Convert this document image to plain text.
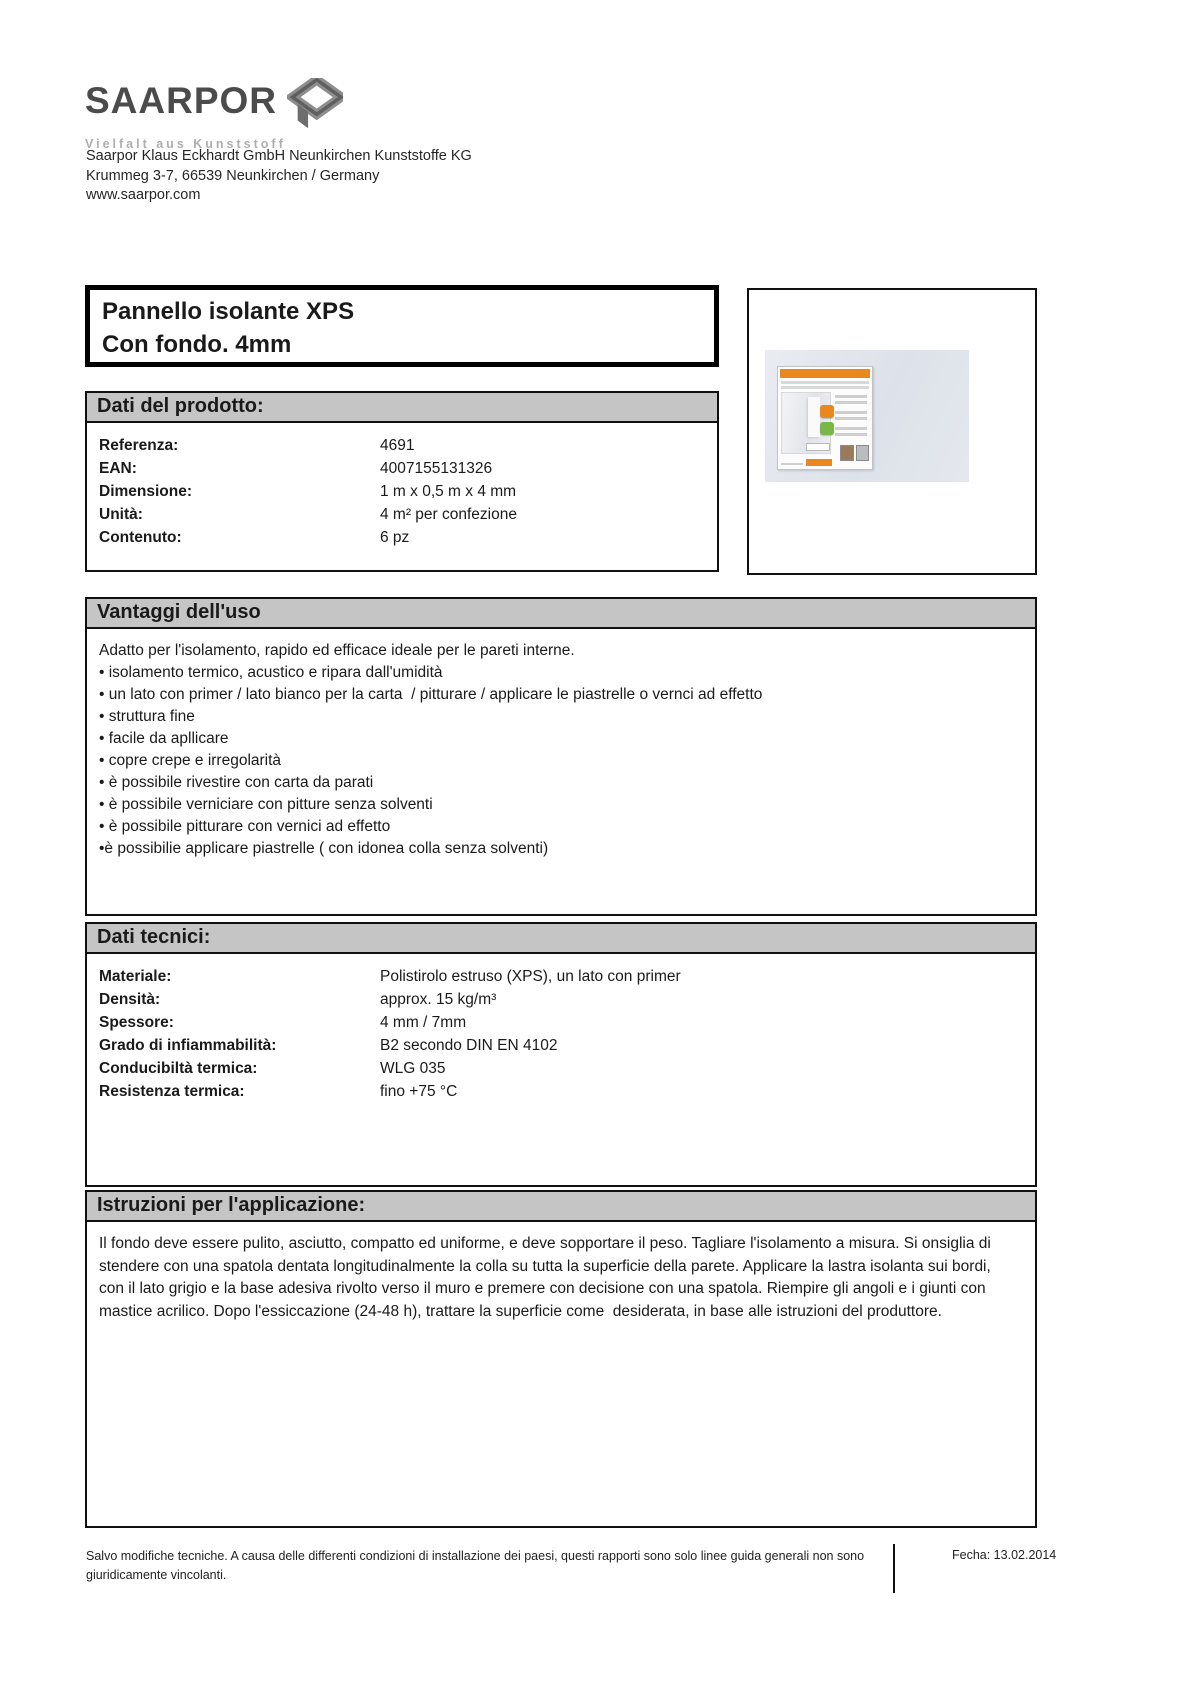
SAARPOR
Vielfalt aus Kunststoff
Saarpor Klaus Eckhardt GmbH Neunkirchen Kunststoffe KG
Krummeg 3-7, 66539 Neunkirchen / Germany
www.saarpor.com
Pannello isolante XPS
Con fondo. 4mm
Dati del prodotto:
Referenza:	4691
EAN:	4007155131326
Dimensione:	1 m x 0,5 m x 4 mm
Unità:	4 m² per confezione
Contenuto:	6 pz
Vantaggi dell'uso
Adatto per l'isolamento, rapido ed efficace ideale per le pareti interne.
• isolamento termico, acustico e ripara dall'umidità
• un lato con primer / lato bianco per la carta  / pitturare / applicare le piastrelle o vernci ad effetto
• struttura fine
• facile da apllicare
• copre crepe e irregolarità
• è possibile rivestire con carta da parati
• è possibile verniciare con pitture senza solventi
• è possibile pitturare con vernici ad effetto
•è possibilie applicare piastrelle ( con idonea colla senza solventi)
Dati tecnici:
Materiale:	Polistirolo estruso (XPS), un lato con primer
Densità:	approx. 15 kg/m³
Spessore:	4 mm / 7mm
Grado di infiammabilità:	B2 secondo DIN EN 4102
Conducibiltà termica:	WLG 035
Resistenza termica:	fino +75 °C
Istruzioni per l'applicazione:
Il fondo deve essere pulito, asciutto, compatto ed uniforme, e deve sopportare il peso. Tagliare l'isolamento a misura. Si onsiglia di stendere con una spatola dentata longitudinalmente la colla su tutta la superficie della parete. Applicare la lastra isolanta sui bordi, con il lato grigio e la base adesiva rivolto verso il muro e premere con decisione con una spatola. Riempire gli angoli e i giunti con mastice acrilico. Dopo l'essiccazione (24-48 h), trattare la superficie come  desiderata, in base alle istruzioni del produttore.
Salvo modifiche tecniche. A causa delle differenti condizioni di installazione dei paesi, questi rapporti sono solo linee guida generali non sono giuridicamente vincolanti.
Fecha: 13.02.2014
